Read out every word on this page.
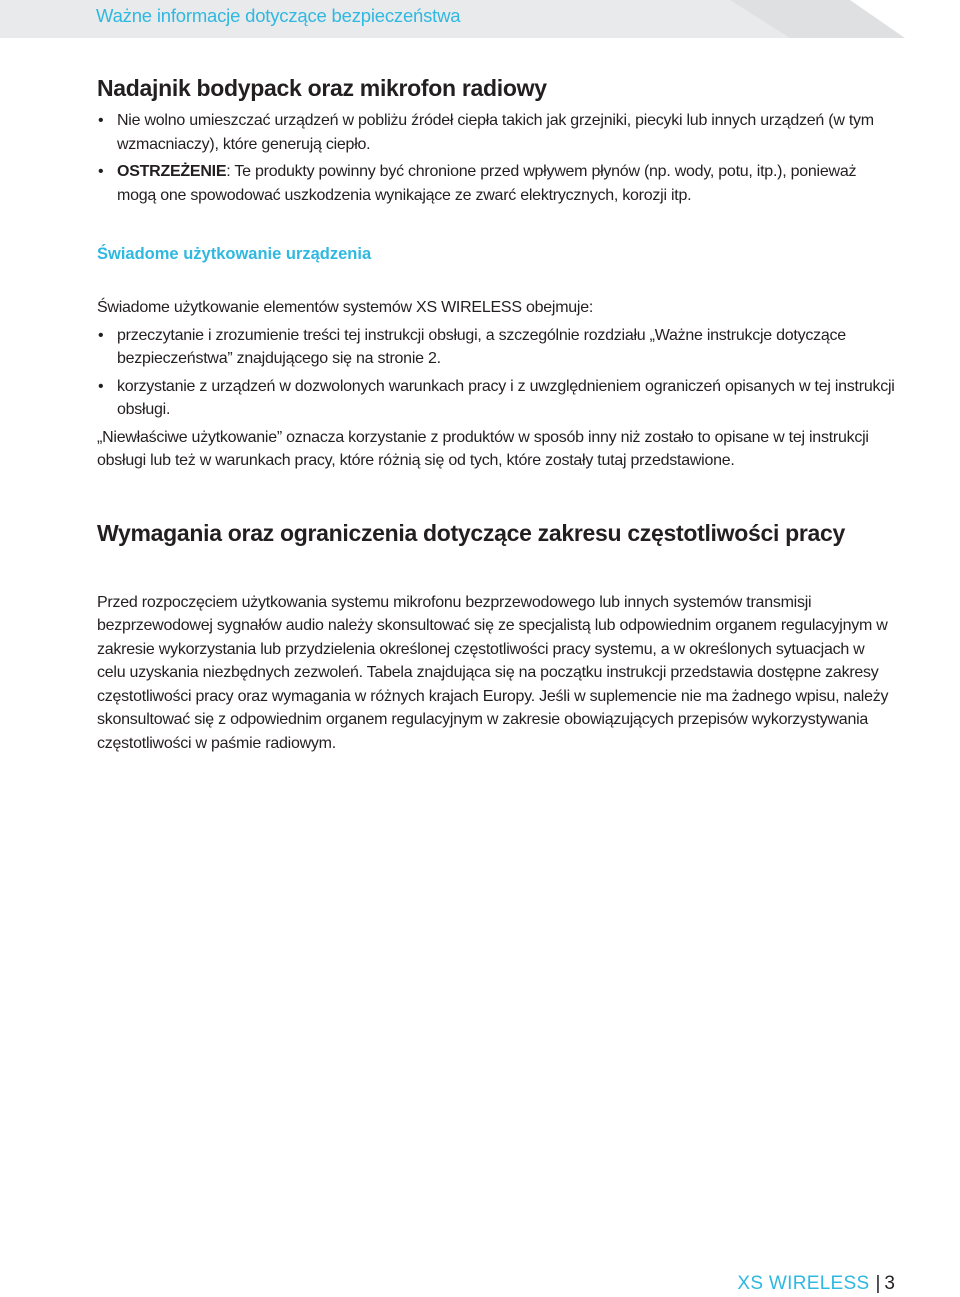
Ważne informacje dotyczące bezpieczeństwa
Nadajnik bodypack oraz mikrofon radiowy
• Nie wolno umieszczać urządzeń w pobliżu źródeł ciepła takich jak grzejniki, piecyki lub innych urządzeń (w tym wzmacniaczy), które generują ciepło.
• OSTRZEŻENIE: Te produkty powinny być chronione przed wpływem płynów (np. wody, potu, itp.), ponieważ mogą one spowodować uszkodzenia wynikające ze zwarć elektrycznych, korozji itp.
Świadome użytkowanie urządzenia

Świadome użytkowanie elementów systemów XS WIRELESS obejmuje:

• przeczytanie i zrozumienie treści tej instrukcji obsługi, a szczególnie rozdziału „Ważne instrukcje dotyczące bezpieczeństwa” znajdującego się na stronie 2.
• korzystanie z urządzeń w dozwolonych warunkach pracy i z uwzględnieniem ograniczeń opisanych w tej instrukcji obsługi.

„Niewłaściwe użytkowanie” oznacza korzystanie z produktów w sposób inny niż zostało to opisane w tej instrukcji obsługi lub też w warunkach pracy, które różnią się od tych, które zostały tutaj przedstawione.

Wymagania oraz ograniczenia dotyczące zakresu częstotliwości pracy

Przed rozpoczęciem użytkowania systemu mikrofonu bezprzewodowego lub innych systemów transmisji bezprzewodowej sygnałów audio należy skonsultować się ze specjalistą lub odpowiednim organem regulacyjnym w zakresie wykorzystania lub przydzielenia określonej częstotliwości pracy systemu, a w określonych sytuacjach w celu uzyskania niezbędnych zezwoleń. Tabela znajdująca się na początku instrukcji przedstawia dostępne zakresy częstotliwości pracy oraz wymagania w różnych krajach Europy. Jeśli w suplemencie nie ma żadnego wpisu, należy skonsultować się z odpowiednim organem regulacyjnym w zakresie obowiązujących przepisów wykorzystywania częstotliwości w paśmie radiowym.

XS WIRELESS | 3
